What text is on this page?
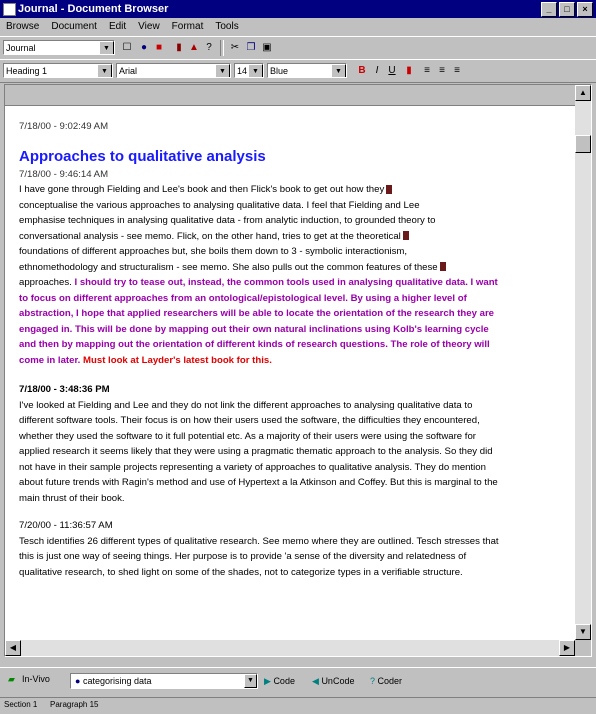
Journal - Document Browser	_	□	×
Browse	Document	Edit	View	Format	Tools
Journal	▼	☐ ● ■	▮ ▲ ?	✂ ❐ ▣
Heading 1	▼	Arial	▼	14 ▼	Blue	▼	B	I U	▮	≡ ≡ ≡
▲
▼

7/18/00 - 9:02:49 AM

Approaches to qualitative analysis

7/18/00 - 9:46:14 AM

I have gone through Fielding and Lee's book and then Flick's book to get out how they
conceptualise the various approaches to analysing qualitative data. I feel that Fielding and Lee
emphasise techniques in analysing qualitative data - from analytic induction, to grounded theory to
conversational analysis - see memo. Flick, on the other hand, tries to get at the theoretical
foundations of different approaches but, she boils them down to 3 - symbolic interactionism,
ethnomethodology and structuralism - see memo. She also pulls out the common features of these
approaches. I should try to tease out, instead, the common tools used in analysing qualitative data. I want to focus on different approaches from an ontological/epistological level. By using a higher level of abstraction, I hope that applied researchers will be able to locate the orientation of the research they are engaged in. This will be done by mapping out their own natural inclinations using Kolb's learning cycle and then by mapping out the orientation of different kinds of research questions. The role of theory will come in later. Must look at Layder's latest book for this.

7/18/00 - 3:48:36 PM

I've looked at Fielding and Lee and they do not link the different approaches to analysing qualitative data to different software tools. Their focus is on how their users used the software, the difficulties they encountered, whether they used the software to it full potential etc. As a majority of their users were using the software for applied research it seems likely that they were using a pragmatic thematic approach to the analysis. So they did not have in their sample projects representing a variety of approaches to qualitative analysis. They do mention about future trends with Ragin's method and use of Hypertext a la Atkinson and Coffey. But this is marginal to the main thrust of their book.

7/20/00 - 11:36:57 AM

Tesch identifies 26 different types of qualitative research. See memo where they are outlined. Tesch stresses that this is just one way of seeing things. Her purpose is to provide 'a sense of the diversity and relatedness of qualitative research, to shed light on some of the shades, not to categorize types in a verifiable structure.

◀	▶
▰ In-Vivo	● categorising data	▼	▶ Code ◀ UnCode ? Coder
Section 1 Paragraph 15
